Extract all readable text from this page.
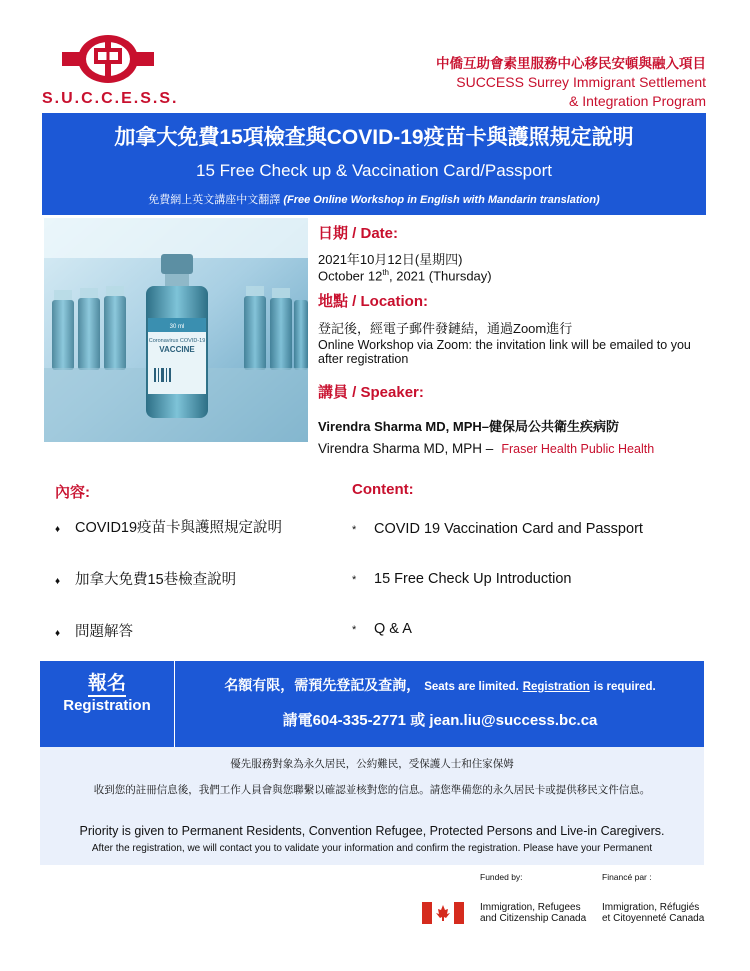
S.U.C.C.E.S.S.
中僑互助會素里服務中心移民安頓與融入項目
SUCCESS Surrey Immigrant Settlement
& Integration Program
加拿大免費15項檢查與COVID-19疫苗卡與護照規定說明
15 Free Check up & Vaccination Card/Passport
免費網上英文講座中文翻譯 (Free Online Workshop in English with Mandarin translation)
30 ml
Coronavirus COVID-19
VACCINE
日期 / Date:
2021年10月12日(星期四)
October 12th, 2021 (Thursday)
地點 / Location:
登記後，經電子郵件發鏈結，通過Zoom進行
Online Workshop via Zoom: the invitation link will be emailed to you after registration
講員 / Speaker:
Virendra Sharma MD, MPH–健保局公共衛生疾病防
Virendra Sharma MD, MPH – Fraser Health Public Health
內容:	Content:
♦ COVID19疫苗卡與護照規定說明
♦ 加拿大免費15巷檢查說明
♦ 問題解答
* COVID 19 Vaccination Card and Passport
* 15 Free Check Up Introduction
* Q & A
報名
Registration
名額有限，需預先登記及查詢， Seats are limited. Registration is required.
請電604-335-2771 或 jean.liu@success.bc.ca
優先服務對象為永久居民，公約難民，受保護人士和住家保姆
收到您的註冊信息後，我們工作人員會與您聯繫以確認並核對您的信息。請您準備您的永久居民卡或提供移民文件信息。
Priority is given to Permanent Residents, Convention Refugee, Protected Persons and Live-in Caregivers.
After the registration, we will contact you to validate your information and confirm the registration. Please have your Permanent
Funded by:	Financé par :
Immigration, Refugees
and Citizenship Canada
Immigration, Réfugiés
et Citoyenneté Canada
